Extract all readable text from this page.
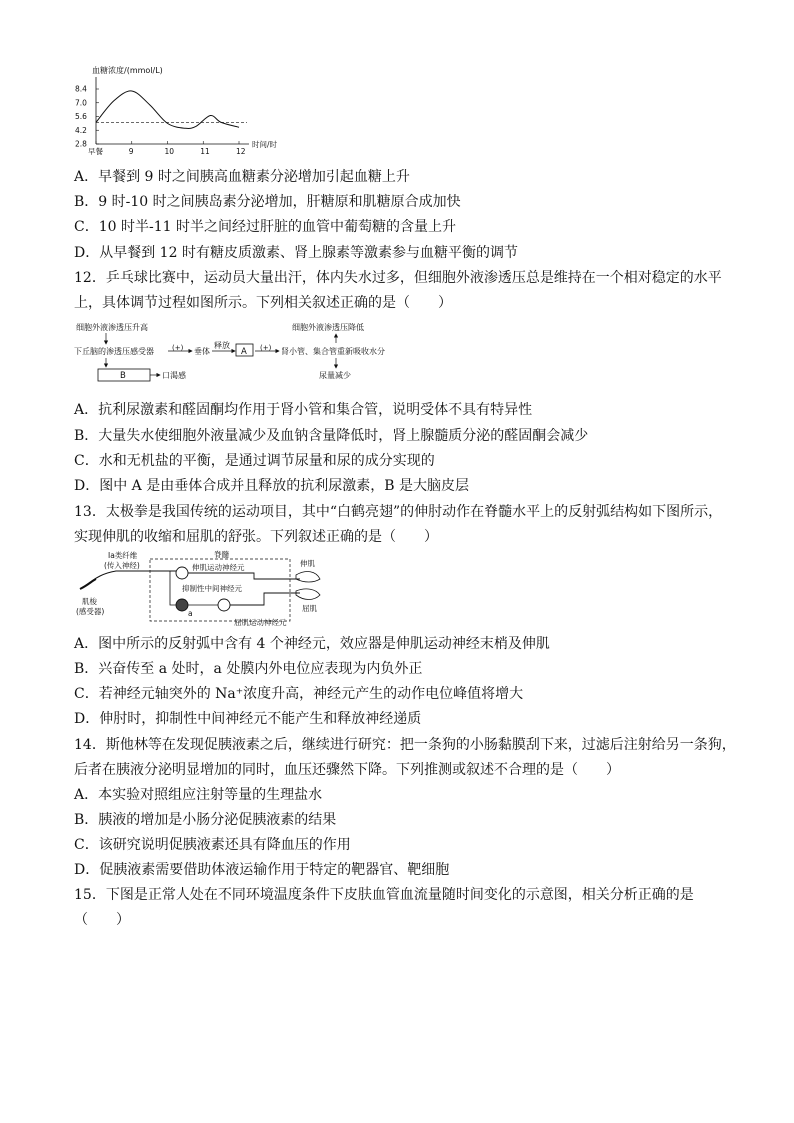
血糖浓度/(mmol/L)
8.4
7.0
5.6
4.2
2.8
早餐	9	10	11	12
时间/时
A．早餐到 9 时之间胰高血糖素分泌增加引起血糖上升
B．9 时-10 时之间胰岛素分泌增加，肝糖原和肌糖原合成加快
C．10 时半-11 时半之间经过肝脏的血管中葡萄糖的含量上升
D．从早餐到 12 时有糖皮质激素、肾上腺素等激素参与血糖平衡的调节
12．乒乓球比赛中，运动员大量出汗，体内失水过多，但细胞外液渗透压总是维持在一个相对稳定的水平
上，具体调节过程如图所示。下列相关叙述正确的是（　　）
细胞外液渗透压升高
下丘脑的渗透压感受器	(+) 垂体
释放
A (+) 肾小管、集合管重新吸收水分
细胞外液渗透压降低
尿量减少
B	口渴感
A．抗利尿激素和醛固酮均作用于肾小管和集合管，说明受体不具有特异性
B．大量失水使细胞外液量减少及血钠含量降低时，肾上腺髓质分泌的醛固酮会减少
C．水和无机盐的平衡，是通过调节尿量和尿的成分实现的
D．图中 A 是由垂体合成并且释放的抗利尿激素，B 是大脑皮层
13．太极拳是我国传统的运动项目，其中“白鹤亮翅”的伸肘动作在脊髓水平上的反射弧结构如下图所示，
实现伸肌的收缩和屈肌的舒张。下列叙述正确的是（　　）
Ⅰa类纤维
(传入神经)
脊髓
肌梭
(感受器)
伸肌运动神经元
抑制性中间神经元
a
屈肌运动神经元
伸肌
屈肌
A．图中所示的反射弧中含有 4 个神经元，效应器是伸肌运动神经末梢及伸肌
B．兴奋传至 a 处时，a 处膜内外电位应表现为内负外正
C．若神经元轴突外的 Na⁺浓度升高，神经元产生的动作电位峰值将增大
D．伸肘时，抑制性中间神经元不能产生和释放神经递质
14．斯他林等在发现促胰液素之后，继续进行研究：把一条狗的小肠黏膜刮下来，过滤后注射给另一条狗，
后者在胰液分泌明显增加的同时，血压还骤然下降。下列推测或叙述不合理的是（　　）
A．本实验对照组应注射等量的生理盐水
B．胰液的增加是小肠分泌促胰液素的结果
C．该研究说明促胰液素还具有降血压的作用
D．促胰液素需要借助体液运输作用于特定的靶器官、靶细胞
15．下图是正常人处在不同环境温度条件下皮肤血管血流量随时间变化的示意图，相关分析正确的是
（　　）
